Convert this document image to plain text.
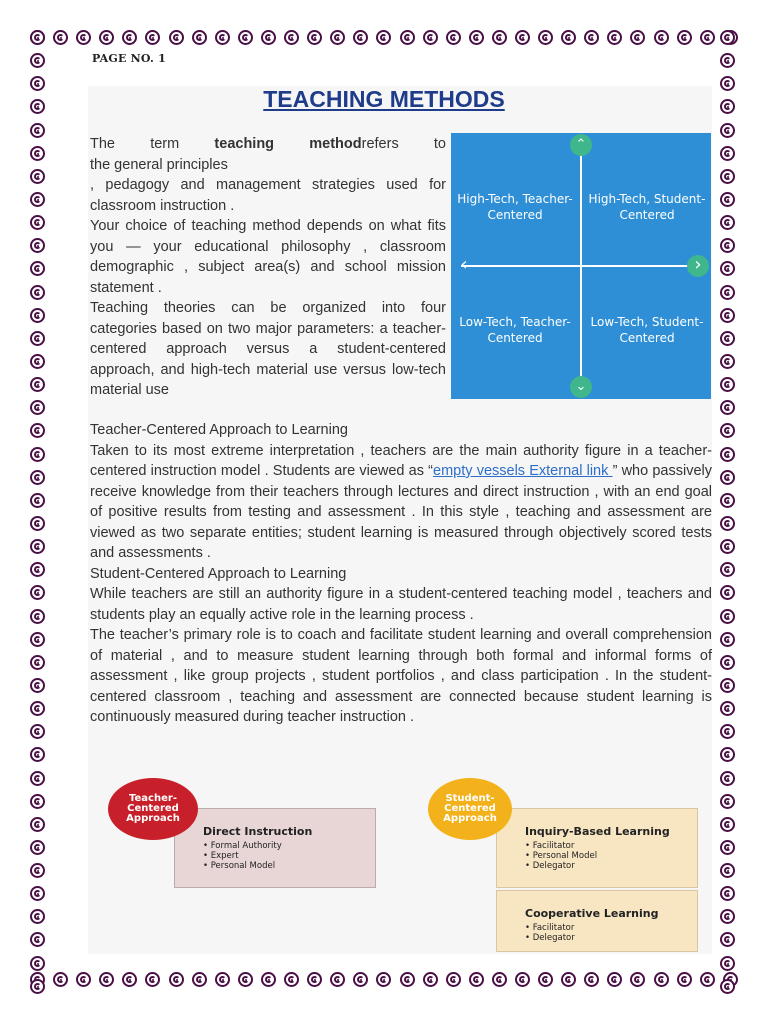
PAGE NO. 1
TEACHING METHODS

The term teaching methodrefers to

the general principles

, pedagogy and management strategies used for classroom instruction .

Your choice of teaching method depends on what fits you — your educational philosophy , classroom demographic , subject area(s) and school mission statement .

Teaching theories can be organized into four categories based on two major parameters: a teacher-centered approach versus a student-centered approach, and high-tech material use versus low-tech material use

High-Tech, Teacher-Centered
High-Tech, Student-Centered
Low-Tech, Teacher-Centered
Low-Tech, Student-Centered
⌃
⌄
‹	›

Teacher-Centered Approach to Learning

Taken to its most extreme interpretation , teachers are the main authority figure in a teacher-centered instruction model . Students are viewed as “empty vessels External link ” who passively receive knowledge from their teachers through lectures and direct instruction , with an end goal of positive results from testing and assessment . In this style , teaching and assessment are viewed as two separate entities; student learning is measured through objectively scored tests and assessments .

Student-Centered Approach to Learning

While teachers are still an authority figure in a student-centered teaching model , teachers and students play an equally active role in the learning process .

The teacher’s primary role is to coach and facilitate student learning and overall comprehension of material , and to measure student learning through both formal and informal forms of assessment , like group projects , student portfolios , and class participation . In the student-centered classroom , teaching and assessment are connected because student learning is continuously measured during teacher instruction .

Direct Instruction
• Formal Authority
• Expert
• Personal Model
Teacher-
Centered
Approach
Inquiry-Based Learning
• Facilitator
• Personal Model
• Delegator
Cooperative Learning
• Facilitator
• Delegator
Student-
Centered
Approach
